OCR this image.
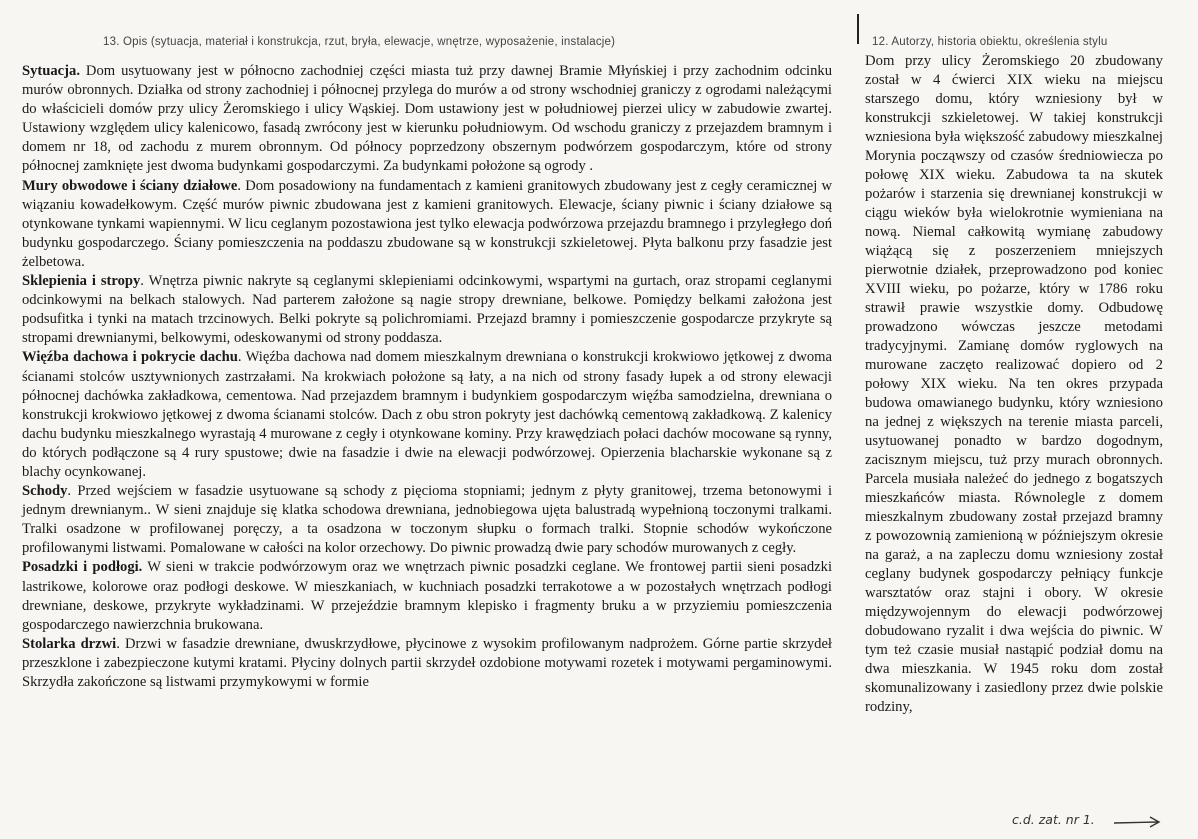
13. Opis (sytuacja, materiał i konstrukcja, rzut, bryła, elewacje, wnętrze, wyposażenie, instalacje)	12. Autorzy, historia obiektu, określenia stylu

Sytuacja. Dom usytuowany jest w północno zachodniej części miasta tuż przy dawnej Bramie Młyńskiej i przy zachodnim odcinku murów obronnych. Działka od strony zachodniej i północnej przylega do murów a od strony wschodniej graniczy z ogrodami należącymi do właścicieli domów przy ulicy Żeromskiego i ulicy Wąskiej. Dom ustawiony jest w połudn‌iowej pierzei ulicy w zabudowie zwartej. Ustawiony względem ulicy kalenicowo, fasadą zwrócony jest w kierunku południowym. Od wschodu graniczy z przejazdem bramnym i domem nr 18, od zachodu z murem obronnym. Od północy poprzedzony obszernym podwórzem gospodarczym, które od strony północnej zamknięte jest dwoma budynkami gospodarczymi. Za budynkami położone są ogrody .

Mury obwodowe i ściany działowe. Dom posadowiony na fundamentach z kamieni granitowych zbudowany jest z cegły ceramicznej w wiązaniu kowadełkowym. Część murów piwnic zbudowana jest z kamieni granitowych. Elewacje, ściany piwnic i ściany działowe są otynkowane tynkami wapiennymi. W licu ceglanym pozostawiona jest tylko elewacja podwórzowa przejazdu bramnego i przyległego doń budynku gospodarczego. Ściany pomieszczenia na poddaszu zbudowane są w konstrukcji szkieletowej. Płyta balkonu przy fasadzie jest żelbetowa.

Sklepienia i stropy. Wnętrza piwnic nakryte są ceglanymi sklepieniami odcinkowymi, wspartymi na gurtach, oraz stropami ceglanymi odcinkowymi na belkach stalowych. Nad parterem założone są nagie stropy drewniane, belkowe. Pomiędzy belkami założona jest podsufitka i tynki na matach trzcinowych. Belki pokryte są polichromiami. Przejazd bramny i pomieszczenie gospodarcze przykryte są stropami drewnianymi, belkowymi, odeskowanymi od strony poddasza.

Więźba dachowa i pokrycie dachu. Więźba dachowa nad domem mieszkalnym drewniana o konstrukcji krokwiowo jętkowej z dwoma ścianami stolców usztywnionych zastrzałami. Na krokwiach położone są łaty, a na nich od strony fasady łupek a od strony elewacji północnej dachówka zakładkowa, cementowa. Nad przejazdem bramnym i budynkiem gospodarczym więźba samodzielna, drewniana o konstrukcji krokwiowo jętkowej z dwoma ścianami stolców. Dach z obu stron pokryty jest dachówką cementową zakładkową. Z kalenicy dachu budynku mieszkalnego wyrastają 4 murowane z cegły i otynkowane kominy. Przy krawędziach połaci dachów mocowane są rynny, do których podłączone są 4 rury spustowe; dwie na fasadzie i dwie na elewacji podwórzowej. Opierzenia blacharskie wykonane są z blachy ocynkowanej.

Schody. Przed wejściem w fasadzie usytuowane są schody z pięcioma stopniami; jednym z płyty granitowej, trzema betonowymi i jednym drewnianym.. W sieni znajduje się klatka schodowa drewniana, jednobiegowa ujęta balustradą wypełnioną toczonymi tralkami. Tralki osadzone w profilowanej poręczy, a ta osadzona w toczonym słupku o formach tralki. Stopnie schodów wykończone profilowanymi listwami. Pomalowane w całości na kolor orzechowy. Do piwnic prowadzą dwie pary schodów murowanych z cegły.

Posadzki i podłogi. W sieni w trakcie podwórzowym oraz we wnętrzach piwnic posadzki ceglane. We frontowej partii sieni posadzki lastrikowe, kolorowe oraz podłogi deskowe. W mieszkaniach, w kuchniach posadzki terrakotowe a w pozostałych wnętrzach podłogi drewniane, deskowe, przykryte wykładzinami. W przejeździe bramnym klepisko i fragmenty bruku a w przyziemiu pomieszczenia gospodarczego nawierzchnia brukowana.

Stolarka drzwi. Drzwi w fasadzie drewniane, dwuskrzydłowe, płycinowe z wysokim profilowanym nadprożem. Górne partie skrzydeł przeszklone i zabezpieczone kutymi kratami. Płyciny dolnych partii skrzydeł ozdobione motywami rozetek i motywami pergaminowymi. Skrzydła zakończone są listwami przymykowymi w formie

Dom przy ulicy Żeromskiego 20 zbudowany został w 4 ćwierci XIX wieku na miejscu starszego domu, który wzniesiony był w konstrukcji szkieletowej. W takiej konstrukcji wzniesiona była większość zabudowy mieszkalnej Morynia począwszy od czasów średniowiecza po połowę XIX wieku. Zabudowa ta na skutek pożarów i starzenia się drewnianej konstrukcji w ciągu wieków była wielokrotnie wymieniana na nową. Niemal całkowitą wymianę zabudowy wiążącą się z poszerzeniem mniejszych pierwotnie działek, przeprowadzono pod koniec XVIII wieku, po pożarze, który w 1786 roku strawił prawie wszystkie domy. Odbudowę prowadzono wówczas jeszcze metodami tradycyjnymi. Zamianę domów ryglowych na murowane zaczęto realizować dopiero od 2 połowy XIX wieku. Na ten okres przypada budowa omawianego budynku, który wzniesiono na jednej z większych na terenie miasta parceli, usytuowanej ponadto w bardzo dogodnym, zacisznym miejscu, tuż przy murach obronnych. Parcela musiała należeć do jednego z bogatszych mieszkańców miasta. Równolegle z domem mieszkalnym zbudowany został przejazd bramny z powozownią zamienioną w późniejszym okresie na garaż, a na zapleczu domu wzniesiony został ceglany budynek gospodarczy pełniący funkcje warsztatów oraz stajni i obory. W okresie międzywojennym do elewacji podwórzowej dobudowano ryzalit i dwa wejścia do piwnic. W tym też czasie musiał nastąpić podział domu na dwa mieszkania. W 1945 roku dom został skomunalizowany i zasiedlony przez dwie polskie rodziny,

c.d. zat. nr 1.
